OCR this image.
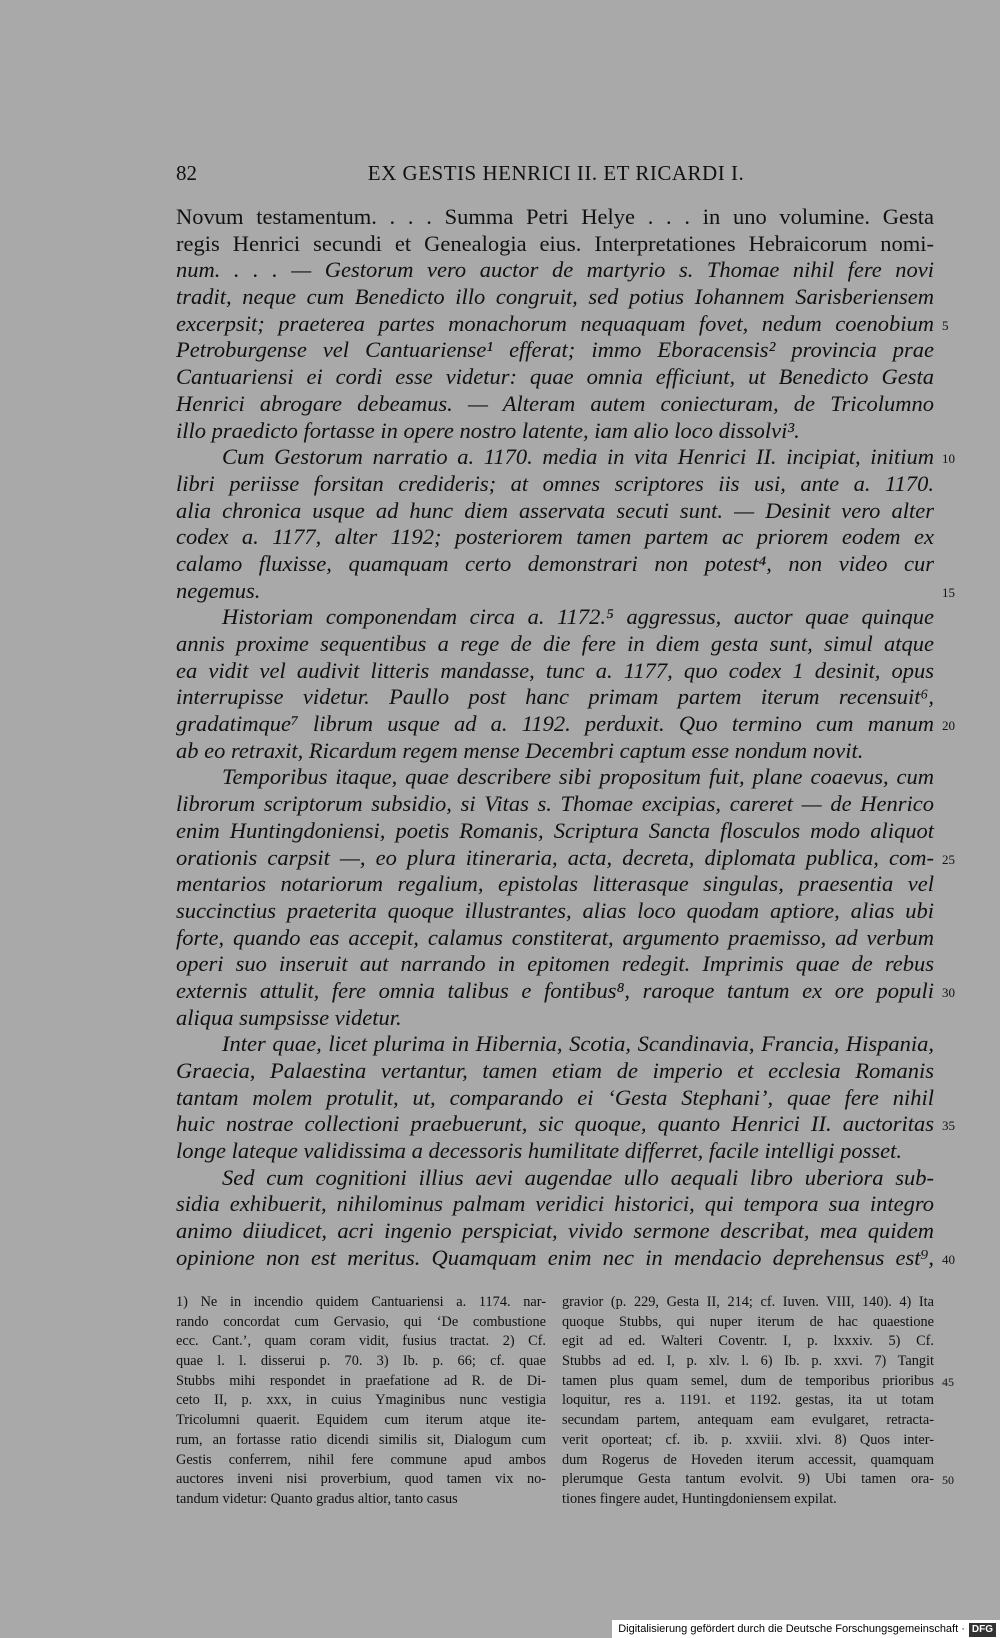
82	EX GESTIS HENRICI II. ET RICARDI I.
Novum testamentum. . . . Summa Petri Helye . . . in uno volumine. Gesta
regis Henrici secundi et Genealogia eius. Interpretationes Hebraicorum nomi-
num. . . . — Gestorum vero auctor de martyrio s. Thomae nihil fere novi
tradit, neque cum Benedicto illo congruit, sed potius Iohannem Sarisberiensem
excerpsit; praeterea partes monachorum nequaquam fovet, nedum coenobium 5
Petroburgense vel Cantuariense¹ efferat; immo Eboracensis² provincia prae
Cantuariensi ei cordi esse videtur: quae omnia efficiunt, ut Benedicto Gesta
Henrici abrogare debeamus. — Alteram autem coniecturam, de Tricolumno
illo praedicto fortasse in opere nostro latente, iam alio loco dissolvi³.
Cum Gestorum narratio a. 1170. media in vita Henrici II. incipiat, initium 10
libri periisse forsitan credideris; at omnes scriptores iis usi, ante a. 1170.
alia chronica usque ad hunc diem asservata secuti sunt. — Desinit vero alter
codex a. 1177, alter 1192; posteriorem tamen partem ac priorem eodem ex
calamo fluxisse, quamquam certo demonstrari non potest⁴, non video cur
negemus.	15
Historiam componendam circa a. 1172.⁵ aggressus, auctor quae quinque
annis proxime sequentibus a rege de die fere in diem gesta sunt, simul atque
ea vidit vel audivit litteris mandasse, tunc a. 1177, quo codex 1 desinit, opus
interrupisse videtur. Paullo post hanc primam partem iterum recensuit⁶,
gradatimque⁷ librum usque ad a. 1192. perduxit. Quo termino cum manum 20
ab eo retraxit, Ricardum regem mense Decembri captum esse nondum novit.
Temporibus itaque, quae describere sibi propositum fuit, plane coaevus, cum
librorum scriptorum subsidio, si Vitas s. Thomae excipias, careret — de Henrico
enim Huntingdoniensi, poetis Romanis, Scriptura Sancta flosculos modo aliquot
orationis carpsit —, eo plura itineraria, acta, decreta, diplomata publica, com- 25
mentarios notariorum regalium, epistolas litterasque singulas, praesentia vel
succinctius praeterita quoque illustrantes, alias loco quodam aptiore, alias ubi
forte, quando eas accepit, calamus constiterat, argumento praemisso, ad verbum
operi suo inseruit aut narrando in epitomen redegit. Imprimis quae de rebus
externis attulit, fere omnia talibus e fontibus⁸, raroque tantum ex ore populi 30
aliqua sumpsisse videtur.
Inter quae, licet plurima in Hibernia, Scotia, Scandinavia, Francia, Hispania,
Graecia, Palaestina vertantur, tamen etiam de imperio et ecclesia Romanis
tantam molem protulit, ut, comparando ei ‘Gesta Stephani’, quae fere nihil
huic nostrae collectioni praebuerunt, sic quoque, quanto Henrici II. auctoritas 35
longe lateque validissima a decessoris humilitate differret, facile intelligi posset.
Sed cum cognitioni illius aevi augendae ullo aequali libro uberiora sub-
sidia exhibuerit, nihilominus palmam veridici historici, qui tempora sua integro
animo diiudicet, acri ingenio perspiciat, vivido sermone describat, mea quidem
opinione non est meritus. Quamquam enim nec in mendacio deprehensus est⁹, 40
1) Ne in incendio quidem Cantuariensi a. 1174. nar-
rando concordat cum Gervasio, qui ‘De combustione
ecc. Cant.’, quam coram vidit, fusius tractat. 2) Cf.
quae l. l. disserui p. 70. 3) Ib. p. 66; cf. quae
Stubbs mihi respondet in praefatione ad R. de Di-
ceto II, p. xxx, in cuius Ymaginibus nunc vestigia
Tricolumni quaerit. Equidem cum iterum atque ite-
rum, an fortasse ratio dicendi similis sit, Dialogum cum
Gestis conferrem, nihil fere commune apud ambos
auctores inveni nisi proverbium, quod tamen vix no-
tandum videtur: Quanto gradus altior, tanto casus
gravior (p. 229, Gesta II, 214; cf. Iuven. VIII, 140). 4) Ita
quoque Stubbs, qui nuper iterum de hac quaestione
egit ad ed. Walteri Coventr. I, p. lxxxiv. 5) Cf.
Stubbs ad ed. I, p. xlv. l. 6) Ib. p. xxvi. 7) Tangit
tamen plus quam semel, dum de temporibus prioribus
loquitur, res a. 1191. et 1192. gestas, ita ut totam
secundam partem, antequam eam evulgaret, retracta-
verit oporteat; cf. ib. p. xxviii. xlvi. 8) Quos inter-
dum Rogerus de Hoveden iterum accessit, quamquam
plerumque Gesta tantum evolvit. 9) Ubi tamen ora-
tiones fingere audet, Huntingdoniensem expilat.
45
50
Digitalisierung gefördert durch die Deutsche Forschungsgemeinschaft · DFG
